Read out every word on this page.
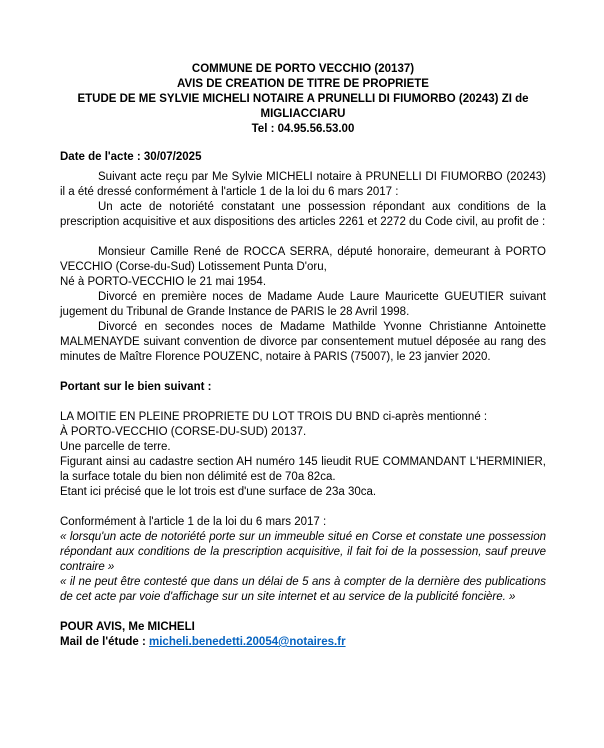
COMMUNE DE PORTO VECCHIO (20137)

AVIS DE CREATION DE TITRE DE PROPRIETE

ETUDE DE ME SYLVIE MICHELI NOTAIRE A PRUNELLI DI FIUMORBO (20243) ZI de MIGLIACCIARU

Tel : 04.95.56.53.00

Date de l'acte : 30/07/2025

Suivant acte reçu par Me Sylvie MICHELI notaire à PRUNELLI DI FIUMORBO (20243) il a été dressé conformément à l'article 1 de la loi du 6 mars 2017 :

Un acte de notoriété constatant une possession répondant aux conditions de la prescription acquisitive et aux dispositions des articles 2261 et 2272 du Code civil, au profit de :

Monsieur Camille René de ROCCA SERRA, député honoraire, demeurant à PORTO VECCHIO (Corse-du-Sud) Lotissement Punta D'oru,

Né à PORTO-VECCHIO le 21 mai 1954.

Divorcé en première noces de Madame Aude Laure Mauricette GUEUTIER suivant jugement du Tribunal de Grande Instance de PARIS le 28 Avril 1998.

Divorcé en secondes noces de Madame Mathilde Yvonne Christianne Antoinette MALMENAYDE suivant convention de divorce par consentement mutuel déposée au rang des minutes de Maître Florence POUZENC, notaire à PARIS (75007), le 23 janvier 2020.

Portant sur le bien suivant :

LA MOITIE EN PLEINE PROPRIETE DU LOT TROIS DU BND ci-après mentionné :

À PORTO-VECCHIO (CORSE-DU-SUD) 20137.

Une parcelle de terre.

Figurant ainsi au cadastre section AH numéro 145 lieudit RUE COMMANDANT L'HERMINIER, la surface totale du bien non délimité est de 70a 82ca.

Etant ici précisé que le lot trois est d'une surface de 23a 30ca.

Conformément à l'article 1 de la loi du 6 mars 2017 :

« lorsqu'un acte de notoriété porte sur un immeuble situé en Corse et constate une possession répondant aux conditions de la prescription acquisitive, il fait foi de la possession, sauf preuve contraire »

« il ne peut être contesté que dans un délai de 5 ans à compter de la dernière des publications de cet acte par voie d'affichage sur un site internet et au service de la publicité foncière. »

POUR AVIS, Me MICHELI

Mail de l'étude : micheli.benedetti.20054@notaires.fr
